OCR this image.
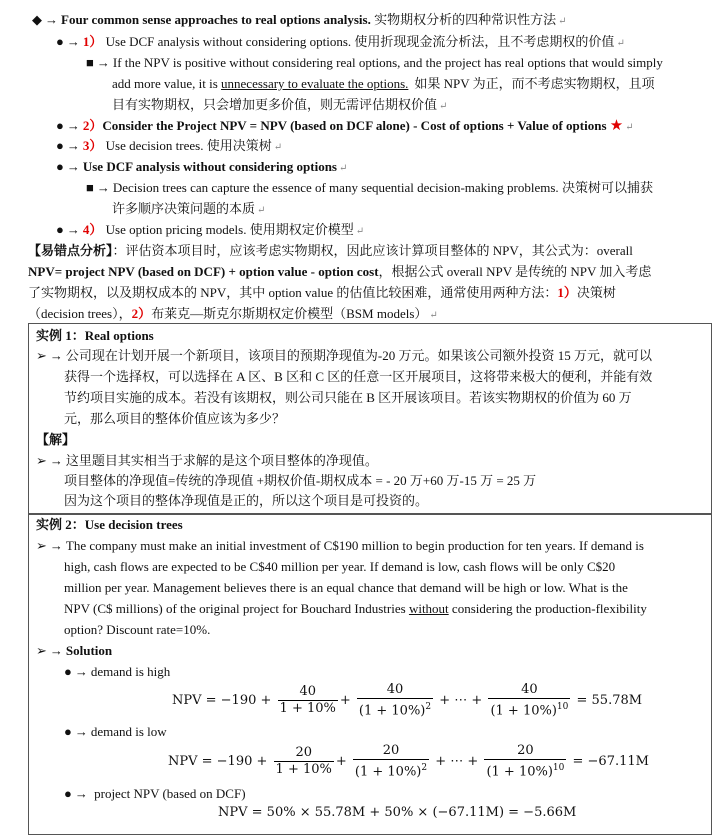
◆ → Four common sense approaches to real options analysis. 实物期权分析的四种常识性方法 ↵
● → 1） Use DCF analysis without considering options. 使用折现现金流分析法，且不考虑期权的价值 ↵
■ → If the NPV is positive without considering real options, and the project has real options that would simply
add more value, it is unnecessary to evaluate the options. 如果 NPV 为正，而不考虑实物期权，且项
目有实物期权，只会增加更多价值，则无需评估期权价值 ↵
● → 2）Consider the Project NPV = NPV (based on DCF alone) - Cost of options + Value of options ★ ↵
● → 3） Use decision trees. 使用决策树 ↵
● → Use DCF analysis without considering options ↵
■ → Decision trees can capture the essence of many sequential decision-making problems. 决策树可以捕获
许多顺序决策问题的本质 ↵
● → 4） Use option pricing models. 使用期权定价模型 ↵
【易错点分析】：评估资本项目时，应该考虑实物期权，因此应该计算项目整体的 NPV，其公式为：overall
NPV= project NPV (based on DCF) + option value - option cost，根据公式 overall NPV 是传统的 NPV 加入考虑
了实物期权，以及期权成本的 NPV，其中 option value 的估值比较困难，通常使用两种方法：1）决策树
（decision trees），2）布莱克—斯克尔斯期权定价模型（BSM models） ↵
实例 1：Real options
➢ → 公司现在计划开展一个新项目，该项目的预期净现值为-20 万元。如果该公司额外投资 15 万元，就可以
获得一个选择权，可以选择在 A 区、B 区和 C 区的任意一区开展项目，这将带来极大的便利，并能有效
节约项目实施的成本。若没有该期权，则公司只能在 B 区开展该项目。若该实物期权的价值为 60 万
元，那么项目的整体价值应该为多少？
【解】
➢ → 这里题目其实相当于求解的是这个项目整体的净现值。
项目整体的净现值=传统的净现值 +期权价值-期权成本 = - 20 万+60 万-15 万 = 25 万
因为这个项目的整体净现值是正的，所以这个项目是可投资的。
实例 2：Use decision trees
➢ → The company must make an initial investment of C$190 million to begin production for ten years. If demand is
high, cash flows are expected to be C$40 million per year. If demand is low, cash flows will be only C$20
million per year. Management believes there is an equal chance that demand will be high or low. What is the
NPV (C$ millions) of the original project for Bouchard Industries without considering the production-flexibility
option? Discount rate=10%.
➢ → Solution
● → demand is high
NPV = $-190 + \frac{40}{1 + 10\%} + \frac{40}{(1 + 10\%)^2}$ + ⋯ + $\frac{40}{(1 + 10\%)^{10}} = 55.78M$
● → demand is low
NPV = $-190 + \frac{20}{1 + 10\%} + \frac{20}{(1 + 10\%)^2}$ + ⋯ + $\frac{20}{(1 + 10\%)^{10}} = -67.11M$
● → project NPV (based on DCF)
NPV = 50% × 55.78M + 50% × (−67.11M) = −5.66M
